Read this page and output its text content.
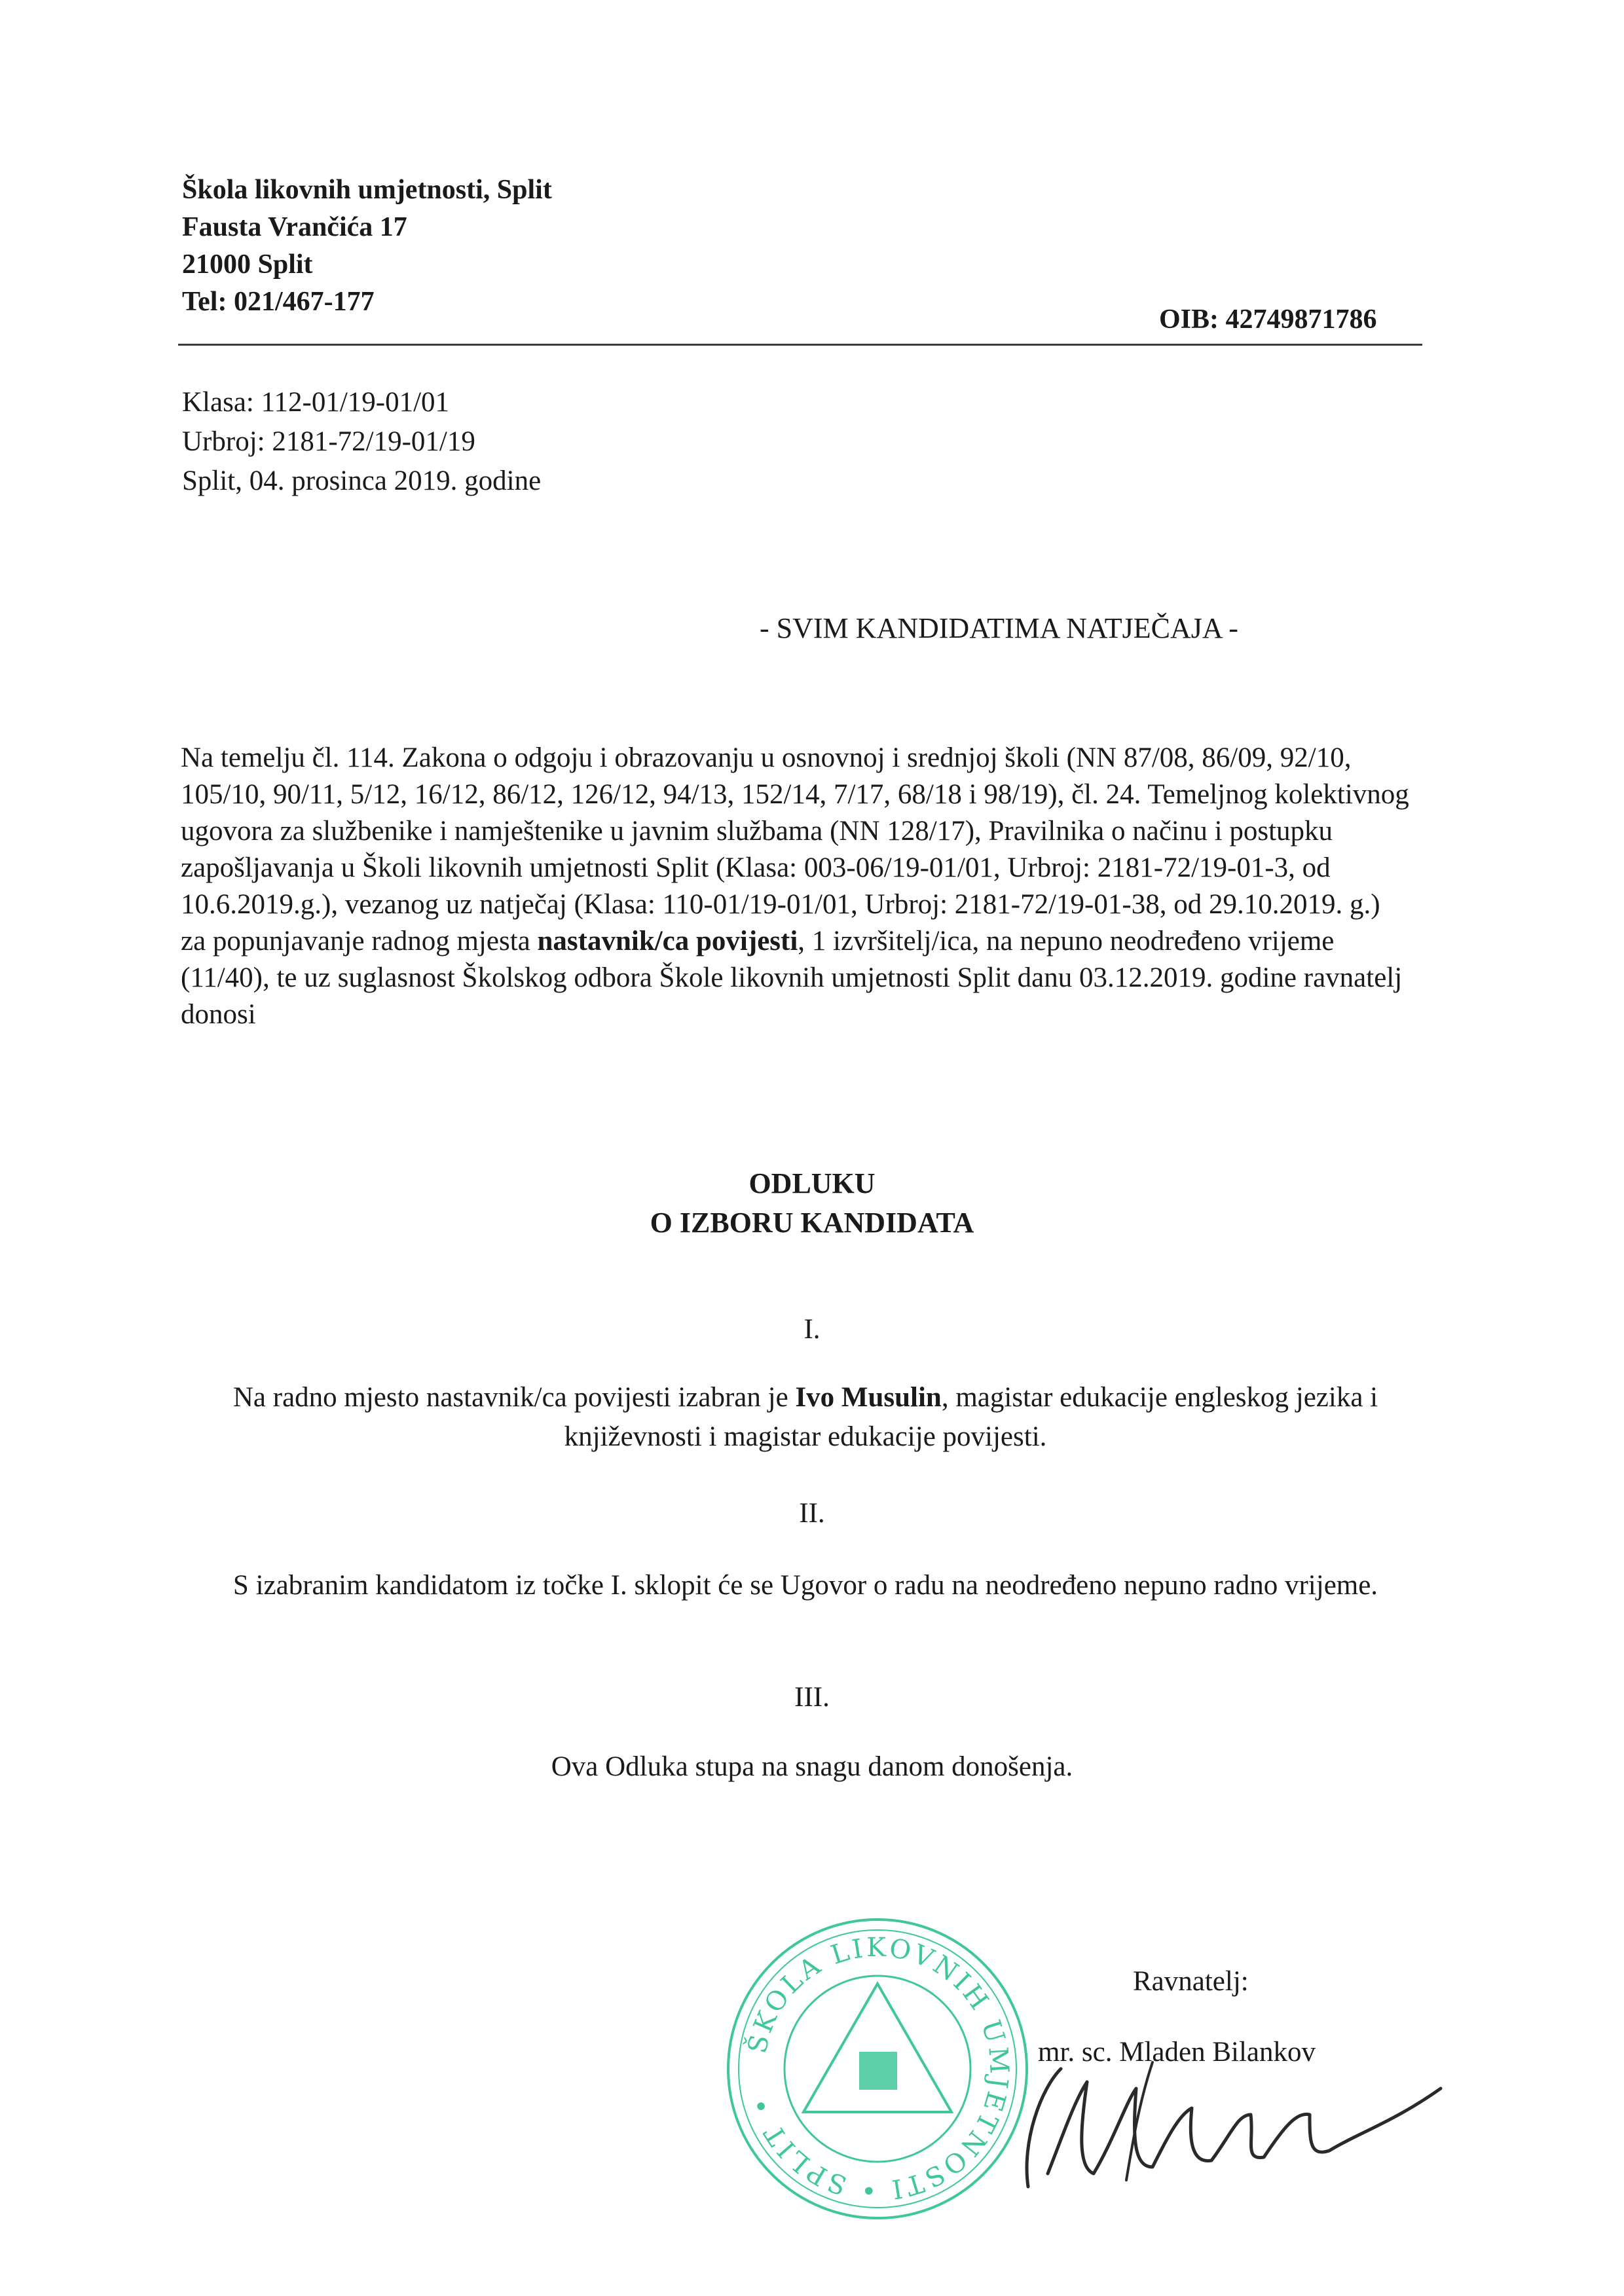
Škola likovnih umjetnosti, Split
Fausta Vrančića 17
21000 Split
Tel: 021/467-177
OIB: 42749871786
Klasa: 112-01/19-01/01
Urbroj: 2181-72/19-01/19
Split, 04. prosinca 2019. godine
- SVIM KANDIDATIMA NATJEČAJA -
Na temelju čl. 114. Zakona o odgoju i obrazovanju u osnovnoj i srednjoj školi (NN 87/08, 86/09, 92/10, 105/10, 90/11, 5/12, 16/12, 86/12, 126/12, 94/13, 152/14, 7/17, 68/18 i 98/19), čl. 24. Temeljnog kolektivnog ugovora za službenike i namještenike u javnim službama (NN 128/17), Pravilnika o načinu i postupku zapošljavanja u Školi likovnih umjetnosti Split (Klasa: 003-06/19-01/01, Urbroj: 2181-72/19-01-3, od 10.6.2019.g.), vezanog uz natječaj (Klasa: 110-01/19-01/01, Urbroj: 2181-72/19-01-38, od 29.10.2019. g.) za popunjavanje radnog mjesta nastavnik/ca povijesti, 1 izvršitelj/ica, na nepuno neodređeno vrijeme (11/40), te uz suglasnost Školskog odbora Škole likovnih umjetnosti Split danu 03.12.2019. godine ravnatelj donosi
ODLUKU
O IZBORU KANDIDATA
I.
Na radno mjesto nastavnik/ca povijesti izabran je Ivo Musulin, magistar edukacije engleskog jezika i književnosti i magistar edukacije povijesti.
II.
S izabranim kandidatom iz točke I. sklopit će se Ugovor o radu na neodređeno nepuno radno vrijeme.
III.
Ova Odluka stupa na snagu danom donošenja.
ŠKOLA LIKOVNIH UMJETNOSTI • SPLIT •
Ravnatelj:
mr. sc. Mladen Bilankov
